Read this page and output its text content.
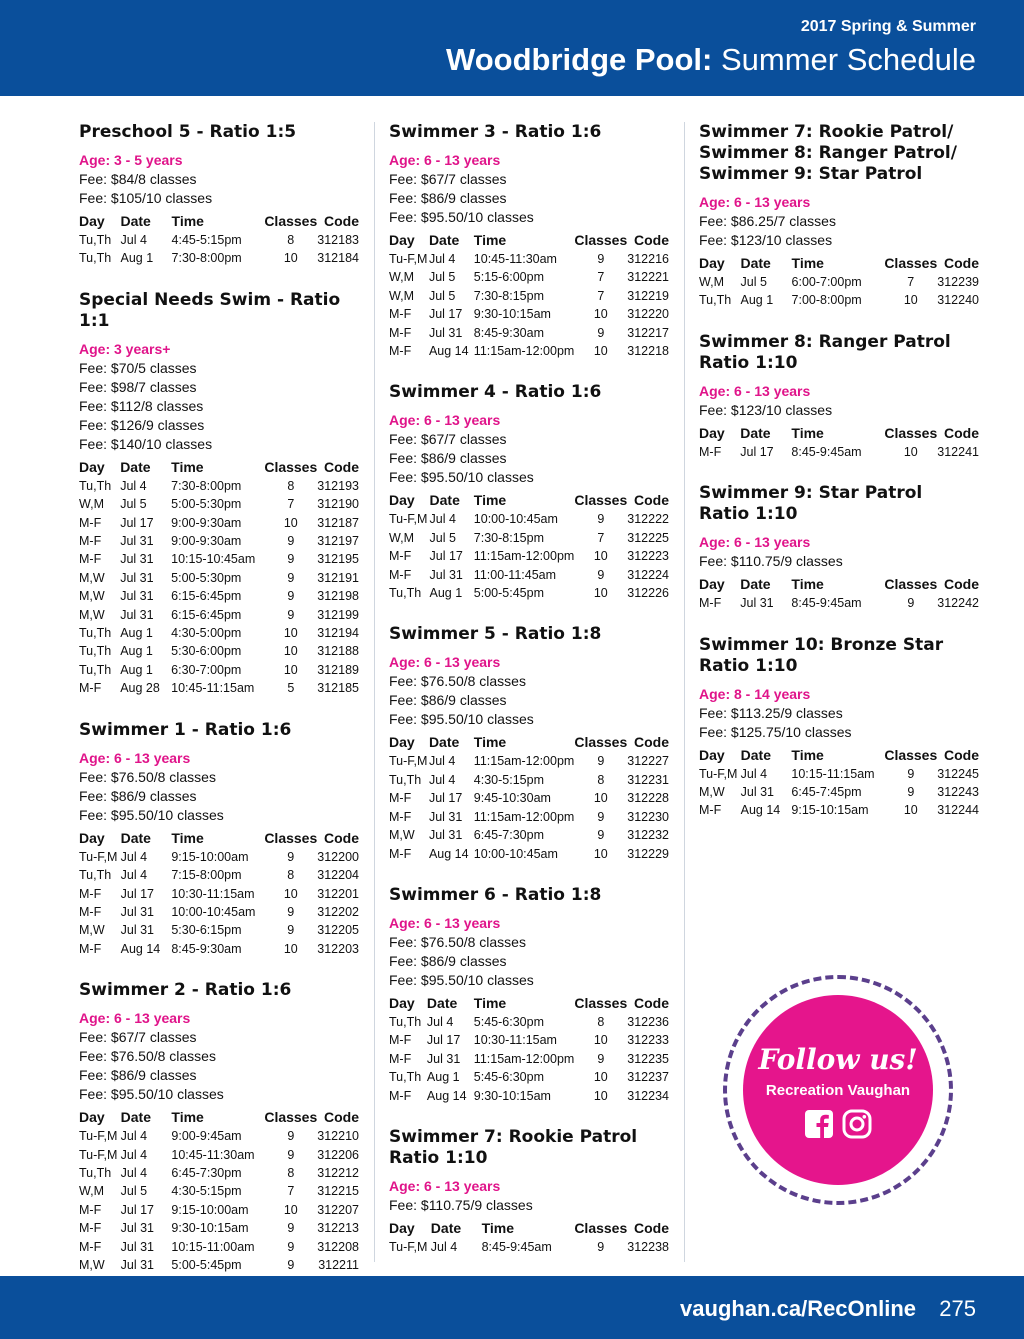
2017 Spring & Summer
Woodbridge Pool: Summer Schedule
Preschool 5 - Ratio 1:5
Age: 3 - 5 years
Fee: $84/8 classes
Fee: $105/10 classes
Day	Date	Time	Classes	Code
Tu,Th	Jul 4	4:45-5:15pm	8	312183
Tu,Th	Aug 1	7:30-8:00pm	10	312184
Special Needs Swim - Ratio 1:1
Age: 3 years+
Fee: $70/5 classes
Fee: $98/7 classes
Fee: $112/8 classes
Fee: $126/9 classes
Fee: $140/10 classes
Day	Date	Time	Classes	Code
Tu,Th	Jul 4	7:30-8:00pm	8	312193
W,M	Jul 5	5:00-5:30pm	7	312190
M-F	Jul 17	9:00-9:30am	10	312187
M-F	Jul 31	9:00-9:30am	9	312197
M-F	Jul 31	10:15-10:45am	9	312195
M,W	Jul 31	5:00-5:30pm	9	312191
M,W	Jul 31	6:15-6:45pm	9	312198
M,W	Jul 31	6:15-6:45pm	9	312199
Tu,Th	Aug 1	4:30-5:00pm	10	312194
Tu,Th	Aug 1	5:30-6:00pm	10	312188
Tu,Th	Aug 1	6:30-7:00pm	10	312189
M-F	Aug 28	10:45-11:15am	5	312185
Swimmer 1 - Ratio 1:6
Age: 6 - 13 years
Fee: $76.50/8 classes
Fee: $86/9 classes
Fee: $95.50/10 classes
Day	Date	Time	Classes	Code
Tu-F,M	Jul 4	9:15-10:00am	9	312200
Tu,Th	Jul 4	7:15-8:00pm	8	312204
M-F	Jul 17	10:30-11:15am	10	312201
M-F	Jul 31	10:00-10:45am	9	312202
M,W	Jul 31	5:30-6:15pm	9	312205
M-F	Aug 14	8:45-9:30am	10	312203
Swimmer 2 - Ratio 1:6
Age: 6 - 13 years
Fee: $67/7 classes
Fee: $76.50/8 classes
Fee: $86/9 classes
Fee: $95.50/10 classes
Day	Date	Time	Classes	Code
Tu-F,M	Jul 4	9:00-9:45am	9	312210
Tu-F,M	Jul 4	10:45-11:30am	9	312206
Tu,Th	Jul 4	6:45-7:30pm	8	312212
W,M	Jul 5	4:30-5:15pm	7	312215
M-F	Jul 17	9:15-10:00am	10	312207
M-F	Jul 31	9:30-10:15am	9	312213
M-F	Jul 31	10:15-11:00am	9	312208
M,W	Jul 31	5:00-5:45pm	9	312211

Swimmer 3 - Ratio 1:6
Age: 6 - 13 years
Fee: $67/7 classes
Fee: $86/9 classes
Fee: $95.50/10 classes
Day	Date	Time	Classes	Code
Tu-F,M	Jul 4	10:45-11:30am	9	312216
W,M	Jul 5	5:15-6:00pm	7	312221
W,M	Jul 5	7:30-8:15pm	7	312219
M-F	Jul 17	9:30-10:15am	10	312220
M-F	Jul 31	8:45-9:30am	9	312217
M-F	Aug 14	11:15am-12:00pm	10	312218
Swimmer 4 - Ratio 1:6
Age: 6 - 13 years
Fee: $67/7 classes
Fee: $86/9 classes
Fee: $95.50/10 classes
Day	Date	Time	Classes	Code
Tu-F,M	Jul 4	10:00-10:45am	9	312222
W,M	Jul 5	7:30-8:15pm	7	312225
M-F	Jul 17	11:15am-12:00pm	10	312223
M-F	Jul 31	11:00-11:45am	9	312224
Tu,Th	Aug 1	5:00-5:45pm	10	312226
Swimmer 5 - Ratio 1:8
Age: 6 - 13 years
Fee: $76.50/8 classes
Fee: $86/9 classes
Fee: $95.50/10 classes
Day	Date	Time	Classes	Code
Tu-F,M	Jul 4	11:15am-12:00pm	9	312227
Tu,Th	Jul 4	4:30-5:15pm	8	312231
M-F	Jul 17	9:45-10:30am	10	312228
M-F	Jul 31	11:15am-12:00pm	9	312230
M,W	Jul 31	6:45-7:30pm	9	312232
M-F	Aug 14	10:00-10:45am	10	312229
Swimmer 6 - Ratio 1:8
Age: 6 - 13 years
Fee: $76.50/8 classes
Fee: $86/9 classes
Fee: $95.50/10 classes
Day	Date	Time	Classes	Code
Tu,Th	Jul 4	5:45-6:30pm	8	312236
M-F	Jul 17	10:30-11:15am	10	312233
M-F	Jul 31	11:15am-12:00pm	9	312235
Tu,Th	Aug 1	5:45-6:30pm	10	312237
M-F	Aug 14	9:30-10:15am	10	312234
Swimmer 7: Rookie Patrol
Ratio 1:10
Age: 6 - 13 years
Fee: $110.75/9 classes
Day	Date	Time	Classes	Code
Tu-F,M	Jul 4	8:45-9:45am	9	312238
Swimmer 7: Rookie Patrol/
Swimmer 8: Ranger Patrol/
Swimmer 9: Star Patrol
Age: 6 - 13 years
Fee: $86.25/7 classes
Fee: $123/10 classes
Day	Date	Time	Classes	Code
W,M	Jul 5	6:00-7:00pm	7	312239
Tu,Th	Aug 1	7:00-8:00pm	10	312240
Swimmer 8: Ranger Patrol
Ratio 1:10
Age: 6 - 13 years
Fee: $123/10 classes
Day	Date	Time	Classes	Code
M-F	Jul 17	8:45-9:45am	10	312241
Swimmer 9: Star Patrol
Ratio 1:10
Age: 6 - 13 years
Fee: $110.75/9 classes
Day	Date	Time	Classes	Code
M-F	Jul 31	8:45-9:45am	9	312242
Swimmer 10: Bronze Star
Ratio 1:10
Age: 8 - 14 years
Fee: $113.25/9 classes
Fee: $125.75/10 classes
Day	Date	Time	Classes	Code
Tu-F,M	Jul 4	10:15-11:15am	9	312245
M,W	Jul 31	6:45-7:45pm	9	312243
M-F	Aug 14	9:15-10:15am	10	312244
Follow us!
Recreation Vaughan
vaughan.ca/RecOnline 275
